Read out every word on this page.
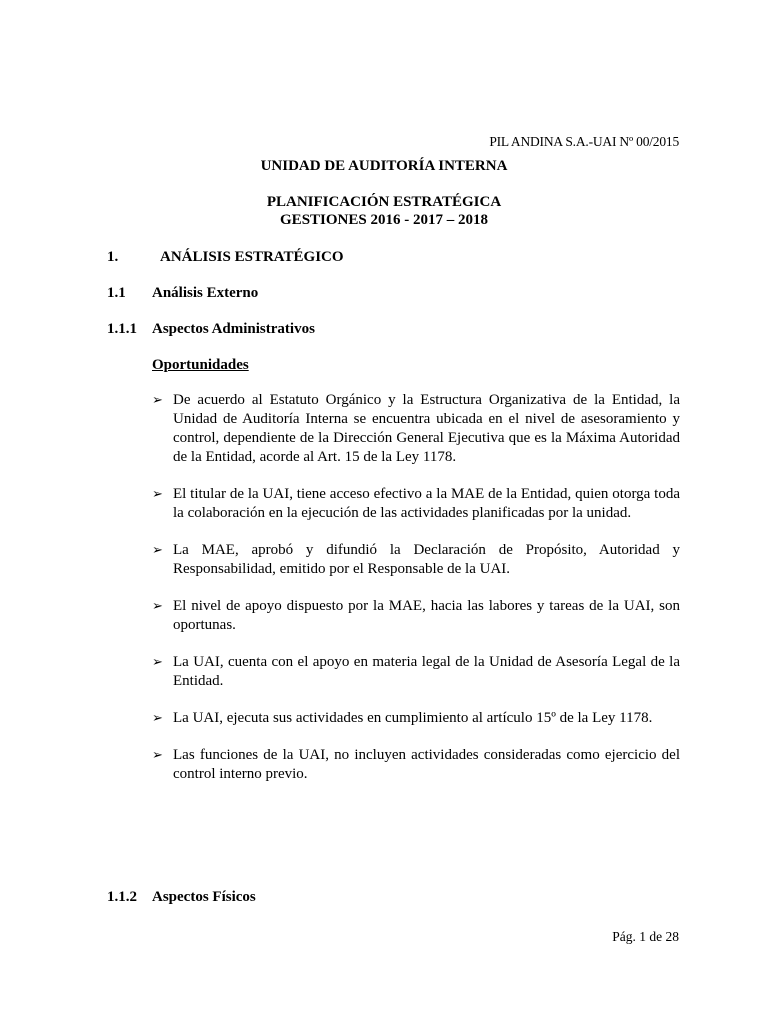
PIL ANDINA S.A.-UAI Nº 00/2015
UNIDAD DE AUDITORÍA INTERNA
PLANIFICACIÓN ESTRATÉGICA
GESTIONES 2016 - 2017 – 2018
1.	ANÁLISIS ESTRATÉGICO
1.1 Análisis Externo
1.1.1 Aspectos Administrativos
Oportunidades
➢ De acuerdo al Estatuto Orgánico y la Estructura Organizativa de la Entidad, la Unidad de Auditoría Interna se encuentra ubicada en el nivel de asesoramiento y control, dependiente de la Dirección General Ejecutiva que es la Máxima Autoridad de la Entidad, acorde al Art. 15 de la Ley 1178.
➢ El titular de la UAI, tiene acceso efectivo a la MAE de la Entidad, quien otorga toda la colaboración en la ejecución de las actividades planificadas por la unidad.
➢ La MAE, aprobó y difundió la Declaración de Propósito, Autoridad y Responsabilidad, emitido por el Responsable de la UAI.
➢ El nivel de apoyo dispuesto por la MAE, hacia las labores y tareas de la UAI, son oportunas.
➢ La UAI, cuenta con el apoyo en materia legal de la Unidad de Asesoría Legal de la Entidad.
➢ La UAI, ejecuta sus actividades en cumplimiento al artículo 15º de la Ley 1178.
➢ Las funciones de la UAI, no incluyen actividades consideradas como ejercicio del control interno previo.
1.1.2 Aspectos Físicos
Pág. 1 de 28
